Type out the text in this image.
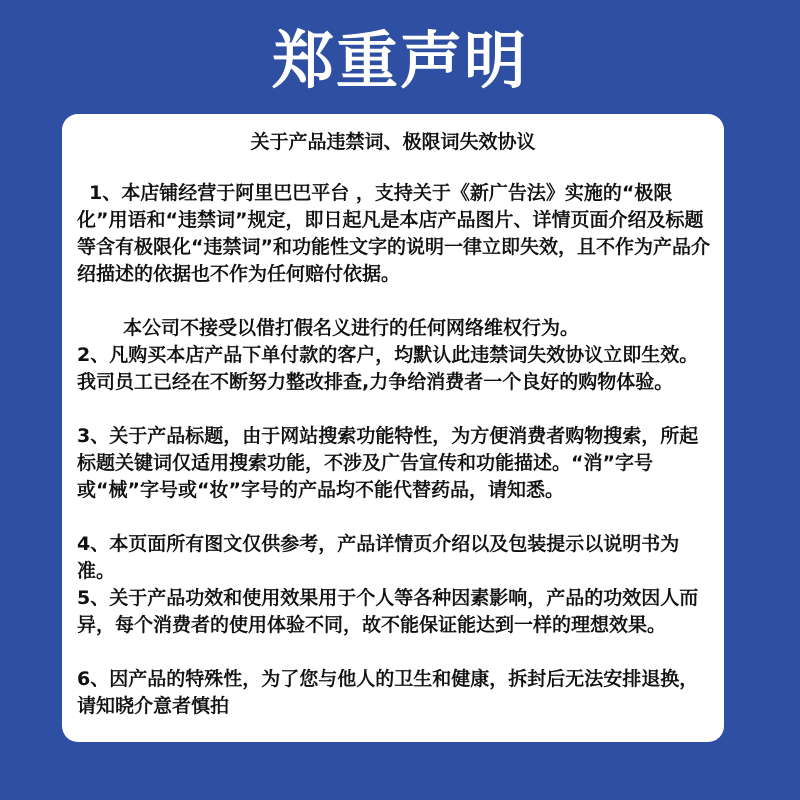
郑重声明
关于产品违禁词、极限词失效协议

1、本店铺经营于阿里巴巴平台 ，支持关于《新广告法》实施的“极限化”用语和“违禁词”规定，即日起凡是本店产品图片、详情页面介绍及标题等含有极限化“违禁词”和功能性文字的说明一律立即失效，且不作为产品介绍描述的依据也不作为任何赔付依据。

本公司不接受以借打假名义进行的任何网络维权行为。

2、凡购买本店产品下单付款的客户，均默认此违禁词失效协议立即生效。我司员工已经在不断努力整改排查,力争给消费者一个良好的购物体验。

3、关于产品标题，由于网站搜索功能特性，为方便消费者购物搜索，所起标题关键词仅适用搜索功能，不涉及广告宣传和功能描述。“消”字号或“械”字号或“妆”字号的产品均不能代替药品，请知悉。

4、本页面所有图文仅供参考，产品详情页介绍以及包装提示以说明书为准。

5、关于产品功效和使用效果用于个人等各种因素影响，产品的功效因人而异，每个消费者的使用体验不同，故不能保证能达到一样的理想效果。

6、因产品的特殊性，为了您与他人的卫生和健康，拆封后无法安排退换，请知晓介意者慎拍
